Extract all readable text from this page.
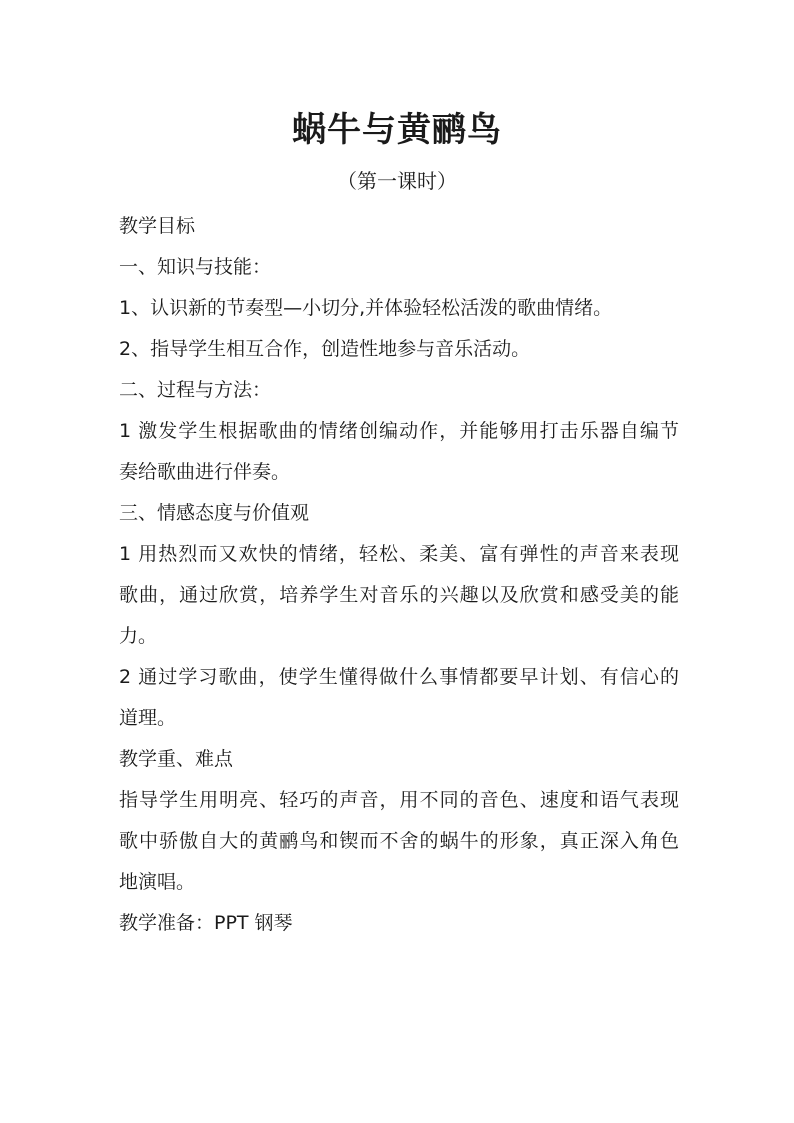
蜗牛与黄鹂鸟
（第一课时）
教学目标
一、知识与技能：
1、认识新的节奏型—小切分,并体验轻松活泼的歌曲情绪。
2、指导学生相互合作，创造性地参与音乐活动。
二、过程与方法：
1 激发学生根据歌曲的情绪创编动作，并能够用打击乐器自编节
奏给歌曲进行伴奏。
三、情感态度与价值观
1 用热烈而又欢快的情绪，轻松、柔美、富有弹性的声音来表现
歌曲，通过欣赏，培养学生对音乐的兴趣以及欣赏和感受美的能
力。
2 通过学习歌曲，使学生懂得做什么事情都要早计划、有信心的
道理。
教学重、难点
指导学生用明亮、轻巧的声音，用不同的音色、速度和语气表现
歌中骄傲自大的黄鹂鸟和锲而不舍的蜗牛的形象，真正深入角色
地演唱。
教学准备：PPT 钢琴
